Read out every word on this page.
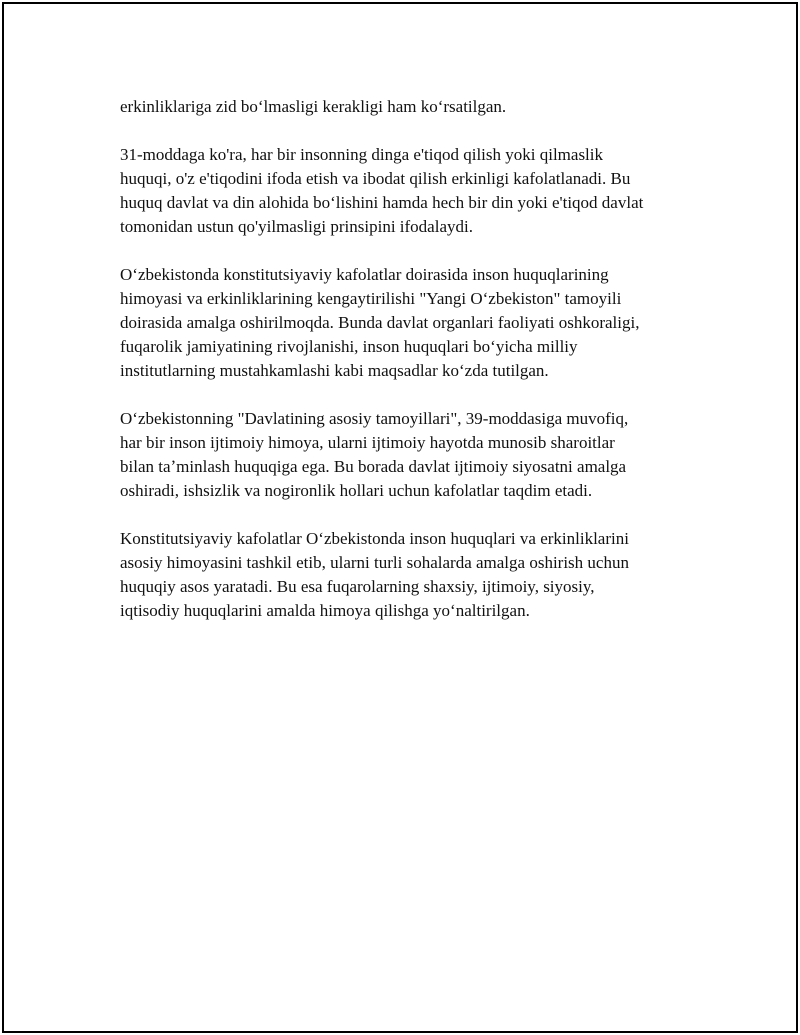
erkinliklariga zid boʻlmasligi kerakligi ham koʻrsatilgan.

31-moddaga ko'ra, har bir insonning dinga e'tiqod qilish yoki qilmaslik
huquqi, o'z e'tiqodini ifoda etish va ibodat qilish erkinligi kafolatlanadi. Bu
huquq davlat va din alohida boʻlishini hamda hech bir din yoki e'tiqod davlat
tomonidan ustun qo'yilmasligi prinsipini ifodalaydi.

Oʻzbekistonda konstitutsiyaviy kafolatlar doirasida inson huquqlarining
himoyasi va erkinliklarining kengaytirilishi "Yangi Oʻzbekiston" tamoyili
doirasida amalga oshirilmoqda. Bunda davlat organlari faoliyati oshkoraligi,
fuqarolik jamiyatining rivojlanishi, inson huquqlari boʻyicha milliy
institutlarning mustahkamlashi kabi maqsadlar koʻzda tutilgan.

Oʻzbekistonning "Davlatining asosiy tamoyillari", 39-moddasiga muvofiq,
har bir inson ijtimoiy himoya, ularni ijtimoiy hayotda munosib sharoitlar
bilan taʼminlash huquqiga ega. Bu borada davlat ijtimoiy siyosatni amalga
oshiradi, ishsizlik va nogironlik hollari uchun kafolatlar taqdim etadi.

Konstitutsiyaviy kafolatlar Oʻzbekistonda inson huquqlari va erkinliklarini
asosiy himoyasini tashkil etib, ularni turli sohalarda amalga oshirish uchun
huquqiy asos yaratadi. Bu esa fuqarolarning shaxsiy, ijtimoiy, siyosiy,
iqtisodiy huquqlarini amalda himoya qilishga yoʻnaltirilgan.
